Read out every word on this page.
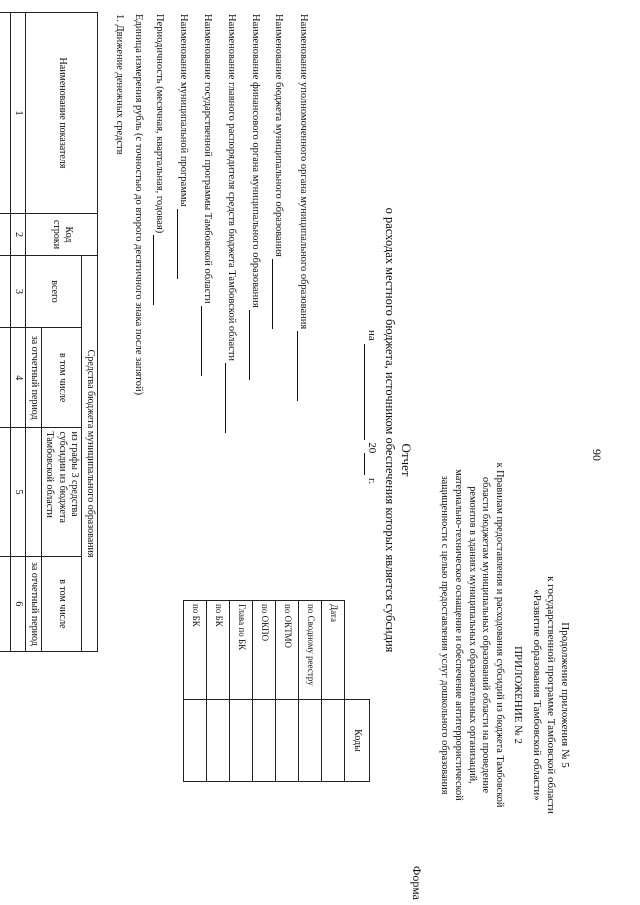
90
Продолжение приложения № 5
к государственной программе Тамбовской области
«Развитие образования Тамбовской области»
ПРИЛОЖЕНИЕ № 2
к Правилам предоставления и расходования субсидий из бюджета Тамбовской
области бюджетам муниципальных образований области на проведение
ремонтов в зданиях муниципальных образовательных организаций,
материально-техническое оснащение и обеспечение антитеррористической
защищенности с целью предоставления услуг дошкольного образования
Форма
Отчет
о расходах местного бюджета, источником обеспечения которых является субсидия
на  20 г.
	Коды
Дата	
по Сводному реестру	
по ОКТМО	
по ОКПО	
Глава по БК	
по БК	
по БК	
Наименование уполномоченного органа муниципального образования
Наименование бюджета муниципального образования
Наименование финансового органа муниципального образования
Наименование главного распорядителя средств бюджета Тамбовской области
Наименование государственной программы Тамбовской области
Наименование муниципальной программы
Периодичность (месячная, квартальная, годовая)
Единица измерения рубль (с точностью до второго десятичного знака после запятой)
1. Движение денежных средств
Наименование показателя	Код строки	Средства бюджета муниципального образования			
		всего	в том числе	из графы 3 средства субсидии из бюджета Тамбовской области	в том числе
			за отчетный период		за отчетный период
1	2	3	4	5	6
